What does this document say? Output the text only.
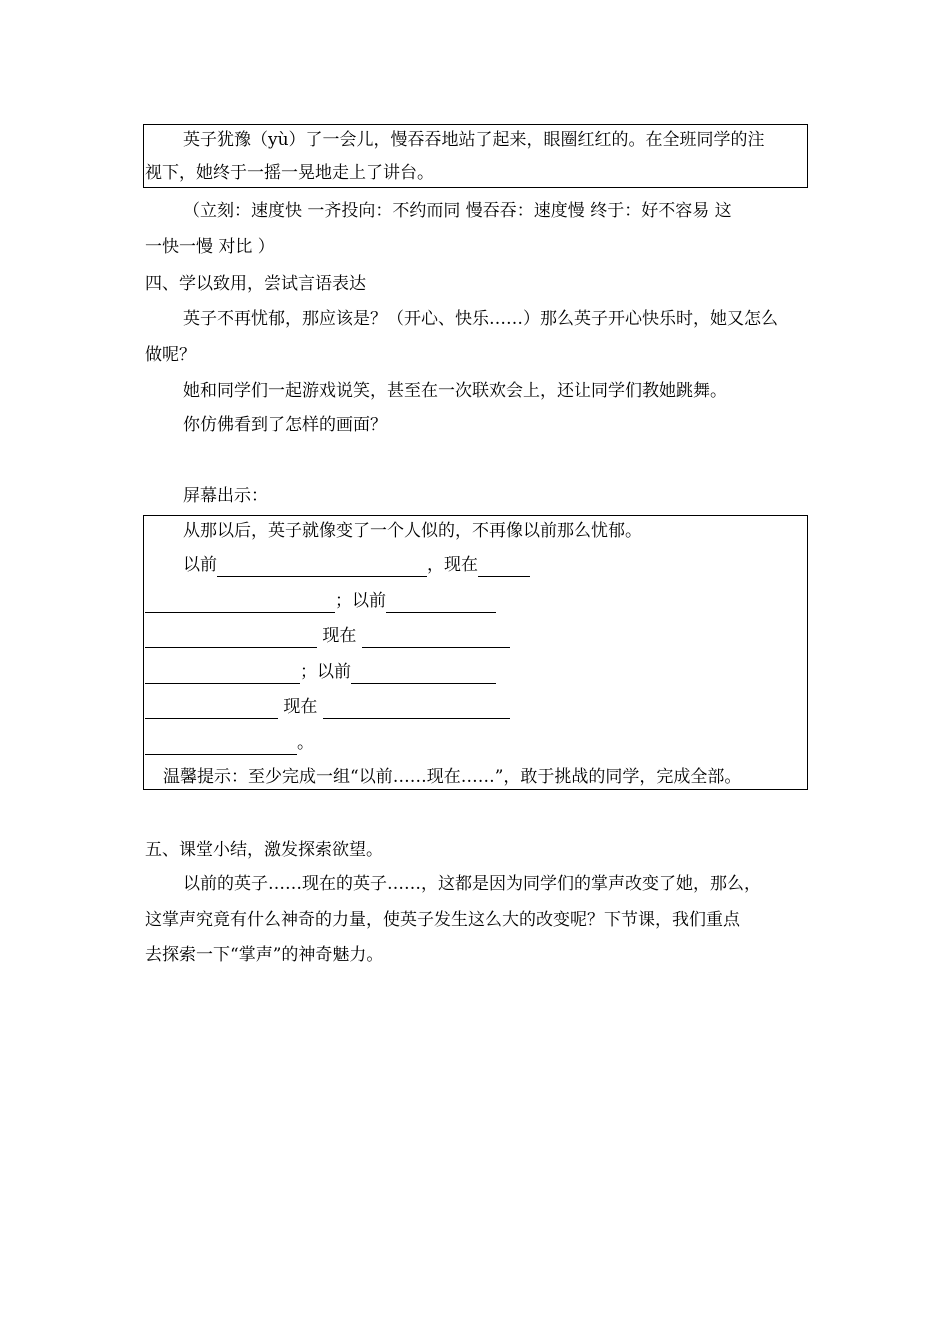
英子犹豫（yù）了一会儿，慢吞吞地站了起来，眼圈红红的。在全班同学的注
视下，她终于一摇一晃地走上了讲台。
（立刻：速度快 一齐投向：不约而同 慢吞吞：速度慢 终于：好不容易 这
一快一慢 对比 ）
四、学以致用，尝试言语表达
英子不再忧郁，那应该是？（开心、快乐……）那么英子开心快乐时，她又怎么
做呢？
她和同学们一起游戏说笑，甚至在一次联欢会上，还让同学们教她跳舞。
你仿佛看到了怎样的画面？
屏幕出示：
从那以后，英子就像变了一个人似的，不再像以前那么忧郁。
以前	，现在
；以前
现在
；以前
现在
。
温馨提示：至少完成一组“以前……现在……”，敢于挑战的同学，完成全部。
五、课堂小结，激发探索欲望。
以前的英子……现在的英子……，这都是因为同学们的掌声改变了她，那么，
这掌声究竟有什么神奇的力量，使英子发生这么大的改变呢？下节课，我们重点
去探索一下“掌声”的神奇魅力。
